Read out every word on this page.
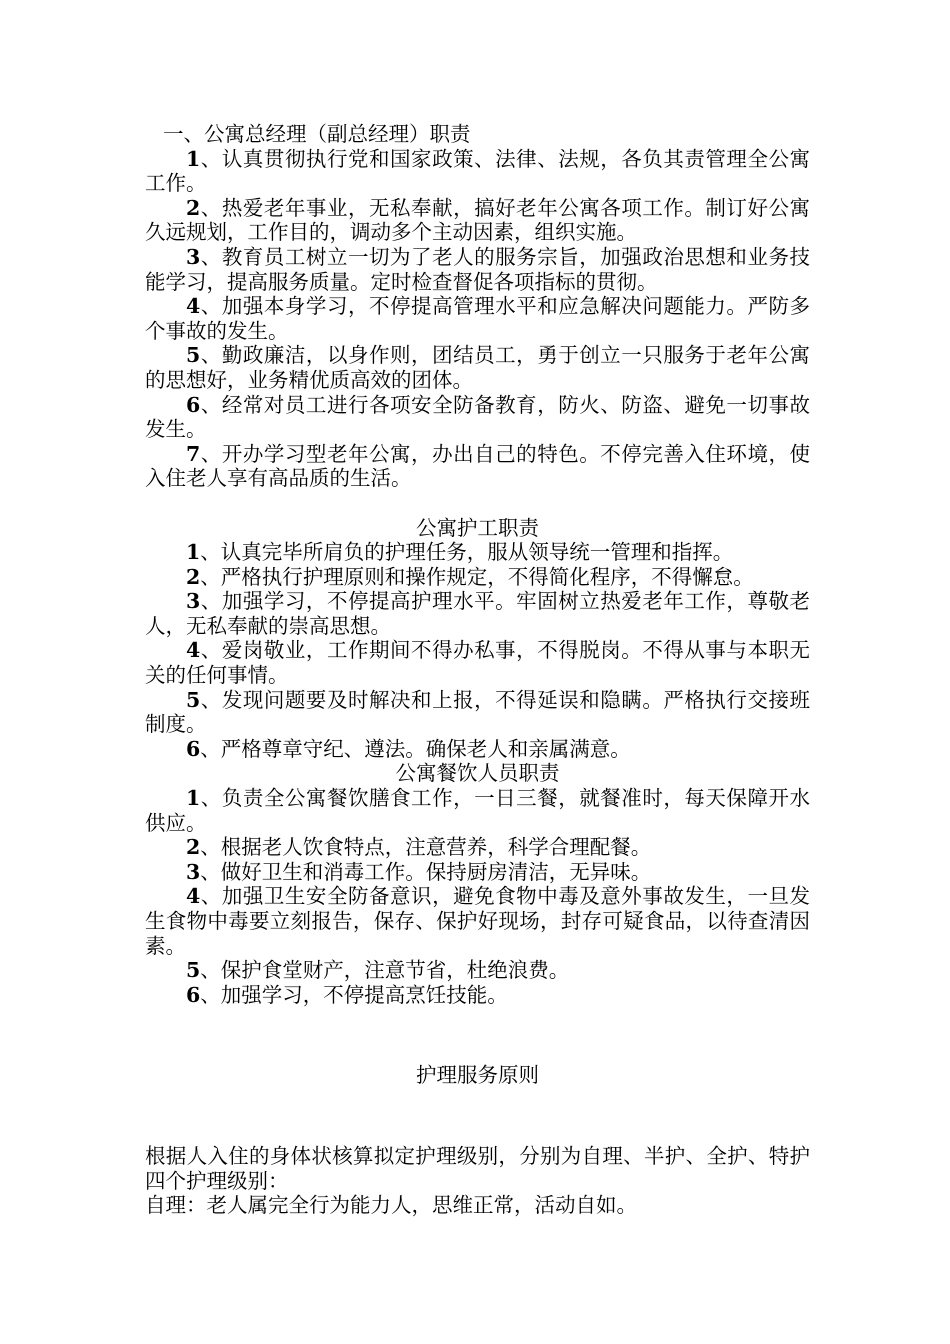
一、公寓总经理（副总经理）职责

1、认真贯彻执行党和国家政策、法律、法规，各负其责管理全公寓工作。

2、热爱老年事业，无私奉献，搞好老年公寓各项工作。制订好公寓久远规划，工作目的，调动多个主动因素，组织实施。

3、教育员工树立一切为了老人的服务宗旨，加强政治思想和业务技能学习，提高服务质量。定时检查督促各项指标的贯彻。

4、加强本身学习，不停提高管理水平和应急解决问题能力。严防多个事故的发生。

5、勤政廉洁，以身作则，团结员工，勇于创立一只服务于老年公寓的思想好，业务精优质高效的团体。

6、经常对员工进行各项安全防备教育，防火、防盗、避免一切事故发生。

7、开办学习型老年公寓，办出自己的特色。不停完善入住环境，使入住老人享有高品质的生活。

公寓护工职责

1、认真完毕所肩负的护理任务，服从领导统一管理和指挥。

2、严格执行护理原则和操作规定，不得简化程序，不得懈怠。

3、加强学习，不停提高护理水平。牢固树立热爱老年工作，尊敬老人，无私奉献的崇高思想。

4、爱岗敬业，工作期间不得办私事，不得脱岗。不得从事与本职无关的任何事情。

5、发现问题要及时解决和上报，不得延误和隐瞒。严格执行交接班制度。

6、严格尊章守纪、遵法。确保老人和亲属满意。

公寓餐饮人员职责

1、负责全公寓餐饮膳食工作，一日三餐，就餐准时，每天保障开水供应。

2、根据老人饮食特点，注意营养，科学合理配餐。

3、做好卫生和消毒工作。保持厨房清洁，无异味。

4、加强卫生安全防备意识，避免食物中毒及意外事故发生，一旦发生食物中毒要立刻报告，保存、保护好现场，封存可疑食品，以待查清因素。

5、保护食堂财产，注意节省，杜绝浪费。

6、加强学习，不停提高烹饪技能。

护理服务原则

根据人入住的身体状核算拟定护理级别，分别为自理、半护、全护、特护四个护理级别：

自理：老人属完全行为能力人，思维正常，活动自如。
